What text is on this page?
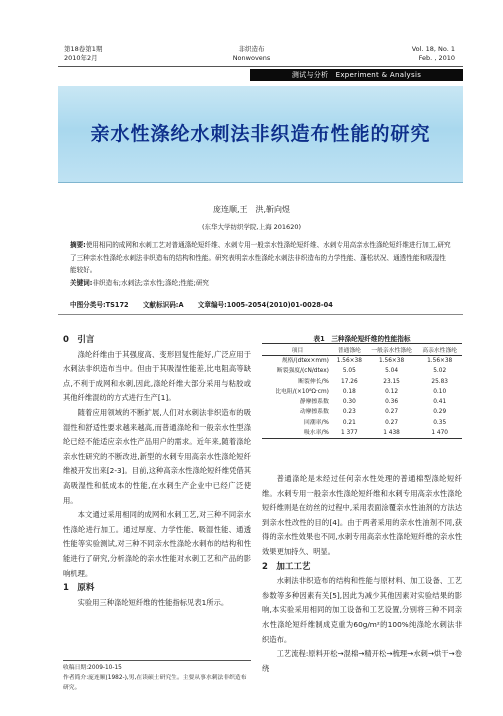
第18卷第1期
2010年2月
非织造布
Nonwovens
Vol. 18, No. 1
Feb. , 2010
测试与分析　Experiment & Analysis
亲水性涤纶水刺法非织造布性能的研究
庞连顺,王　洪,靳向煜
(东华大学纺织学院,上海 201620)
摘要:使用相同的成网和水刺工艺对普通涤纶短纤维、水刺专用一般亲水性涤纶短纤维、水刺专用高亲水性涤纶短纤维进行加工,研究了三种亲水性涤纶水刺法非织造布的结构和性能。研究表明亲水性涤纶水刺法非织造布的力学性能、蓬松状况、通透性能和吸湿性能较好。
关键词:非织造布;水刺法;亲水性;涤纶;性能;研究
中图分类号:TS172 文献标识码:A 文章编号:1005-2054(2010)01-0028-04

0　引言

涤纶纤维由于其强度高、变形回复性能好,广泛应用于水刺法非织造布当中。但由于其吸湿性能差,比电阻高等缺点,不利于成网和水刺,因此,涤纶纤维大部分采用与粘胶或其他纤维混纺的方式进行生产[1]。

随着应用领域的不断扩展,人们对水刺法非织造布的吸湿性和舒适性要求越来越高,而普通涤纶和一般亲水性型涤纶已经不能适应亲水性产品用户的需求。近年来,随着涤纶亲水性研究的不断改进,新型的水刺专用高亲水性涤纶短纤维被开发出来[2-3]。目前,这种高亲水性涤纶短纤维凭借其高吸湿性和低成本的性能,在水刺生产企业中已经广泛使用。

本文通过采用相同的成网和水刺工艺,对三种不同亲水性涤纶进行加工。通过厚度、力学性能、吸湿性能、通透性能等实验测试,对三种不同亲水性涤纶水刺布的结构和性能进行了研究,分析涤纶的亲水性能对水刺工艺和产品的影响机理。

1　原料

实验用三种涤纶短纤维的性能指标见表1所示。

收稿日期:2009-10-15
作者简介:庞连顺(1982-),男,在读硕士研究生。主要从事水刺法非织造布研究。
表1　三种涤纶短纤维的性能指标
项目	普通涤纶	一般亲水性涤纶	高亲水性涤纶
规格/(dtex×mm)	1.56×38	1.56×38	1.56×38
断裂强度/(cN/dtex)	5.05	5.04	5.02
断裂伸长/%	17.26	23.15	25.83
比电阻/(×10⁸Ω·cm)	0.18	0.12	0.10
静摩擦系数	0.30	0.36	0.41
动摩擦系数	0.23	0.27	0.29
回潮率/%	0.21	0.27	0.35
吸水率/%	1 377	1 438	1 470

普通涤纶是未经过任何亲水性处理的普通棉型涤纶短纤维。水刺专用一般亲水性涤纶短纤维和水刺专用高亲水性涤纶短纤维则是在纺丝的过程中,采用表面涂覆亲水性油剂的方法达到亲水性改性的目的[4]。由于两者采用的亲水性油剂不同,获得的亲水性效果也不同,水刺专用高亲水性涤纶短纤维的亲水性效果更加持久、明显。

2　加工工艺

水刺法非织造布的结构和性能与原材料、加工设备、工艺参数等多种因素有关[5],因此为减少其他因素对实验结果的影响,本实验采用相同的加工设备和工艺设置,分别将三种不同亲水性涤纶短纤维制成克重为60g/m²的100%纯涤纶水刺法非织造布。

工艺流程:原料开松→混棉→精开松→梳理→水刺→烘干→卷绕
